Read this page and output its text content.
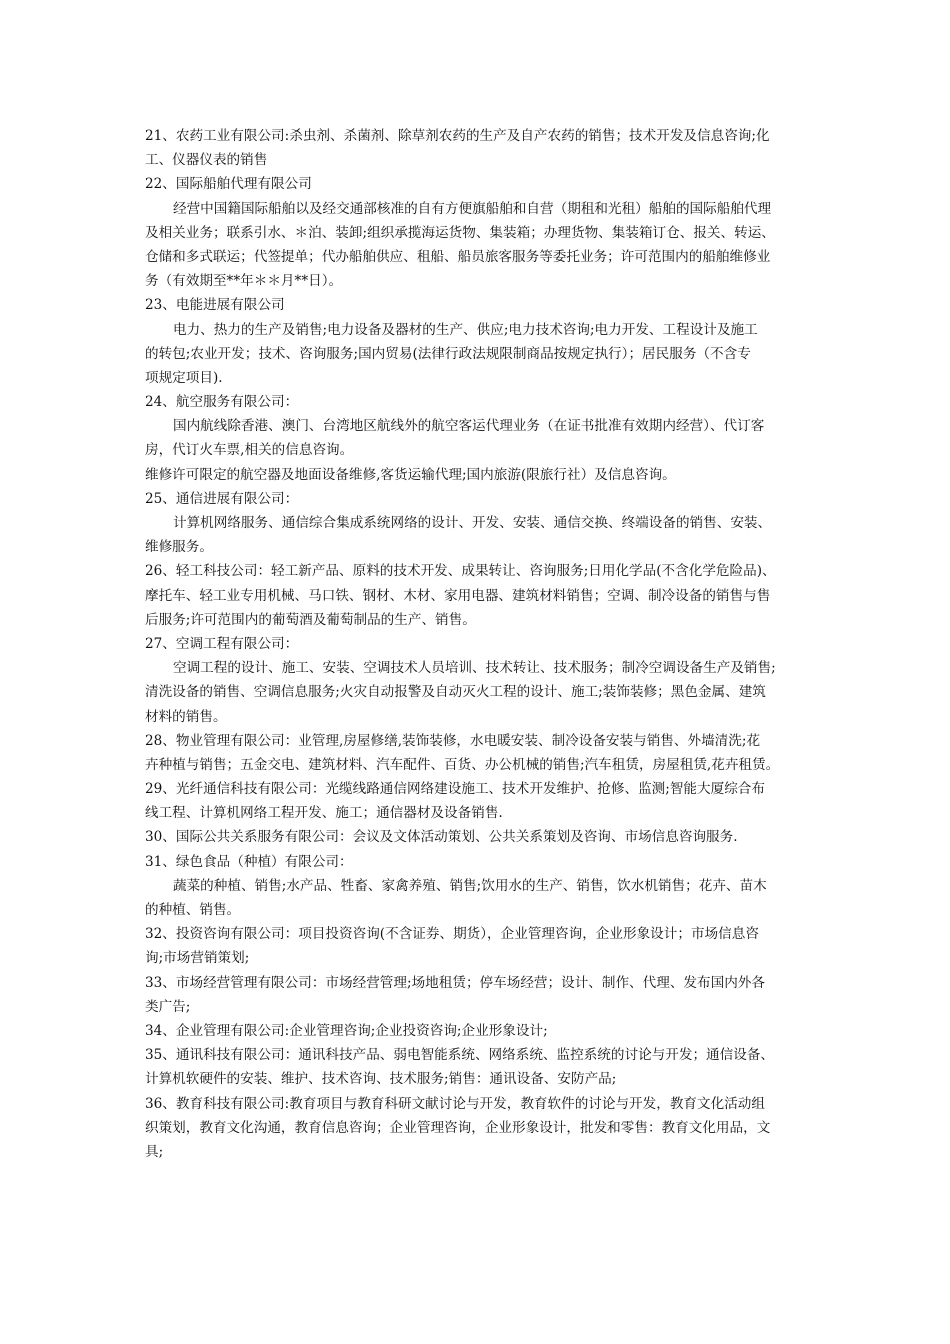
21、农药工业有限公司:杀虫剂、杀菌剂、除草剂农药的生产及自产农药的销售；技术开发及信息咨询;化
工、仪器仪表的销售
22、国际船舶代理有限公司
经营中国籍国际船舶以及经交通部核准的自有方便旗船舶和自营（期租和光租）船舶的国际船舶代理
及相关业务；联系引水、＊泊、装卸;组织承揽海运货物、集装箱；办理货物、集装箱订仓、报关、转运、
仓储和多式联运；代签提单；代办船舶供应、租船、船员旅客服务等委托业务；许可范围内的船舶维修业
务（有效期至**年＊＊月**日）。
23、电能进展有限公司
电力、热力的生产及销售;电力设备及器材的生产、供应;电力技术咨询;电力开发、工程设计及施工
的转包;农业开发；技术、咨询服务;国内贸易(法律行政法规限制商品按规定执行）；居民服务（不含专
项规定项目).
24、航空服务有限公司：
国内航线除香港、澳门、台湾地区航线外的航空客运代理业务（在证书批准有效期内经营）、代订客
房，代订火车票,相关的信息咨询。
维修许可限定的航空器及地面设备维修,客货运输代理;国内旅游(限旅行社）及信息咨询。
25、通信进展有限公司：
计算机网络服务、通信综合集成系统网络的设计、开发、安装、通信交换、终端设备的销售、安装、
维修服务。
26、轻工科技公司：轻工新产品、原料的技术开发、成果转让、咨询服务;日用化学品(不含化学危险品)、
摩托车、轻工业专用机械、马口铁、钢材、木材、家用电器、建筑材料销售；空调、制冷设备的销售与售
后服务;许可范围内的葡萄酒及葡萄制品的生产、销售。
27、空调工程有限公司：
空调工程的设计、施工、安装、空调技术人员培训、技术转让、技术服务；制冷空调设备生产及销售;
清洗设备的销售、空调信息服务;火灾自动报警及自动灭火工程的设计、施工;装饰装修；黑色金属、建筑
材料的销售。
28、物业管理有限公司：业管理,房屋修缮,装饰装修，水电暖安装、制冷设备安装与销售、外墙清洗;花
卉种植与销售；五金交电、建筑材料、汽车配件、百货、办公机械的销售;汽车租赁，房屋租赁,花卉租赁。
29、光纤通信科技有限公司：光缆线路通信网络建设施工、技术开发维护、抢修、监测;智能大厦综合布
线工程、计算机网络工程开发、施工；通信器材及设备销售.
30、国际公共关系服务有限公司：会议及文体活动策划、公共关系策划及咨询、市场信息咨询服务.
31、绿色食品（种植）有限公司：
蔬菜的种植、销售;水产品、牲畜、家禽养殖、销售;饮用水的生产、销售，饮水机销售；花卉、苗木
的种植、销售。
32、投资咨询有限公司：项目投资咨询(不含证券、期货），企业管理咨询，企业形象设计；市场信息咨
询;市场营销策划;
33、市场经营管理有限公司：市场经营管理;场地租赁；停车场经营；设计、制作、代理、发布国内外各
类广告;
34、企业管理有限公司:企业管理咨询;企业投资咨询;企业形象设计;
35、通讯科技有限公司：通讯科技产品、弱电智能系统、网络系统、监控系统的讨论与开发；通信设备、
计算机软硬件的安装、维护、技术咨询、技术服务;销售：通讯设备、安防产品;
36、教育科技有限公司:教育项目与教育科研文献讨论与开发，教育软件的讨论与开发，教育文化活动组
织策划，教育文化沟通，教育信息咨询；企业管理咨询，企业形象设计，批发和零售：教育文化用品，文
具;
